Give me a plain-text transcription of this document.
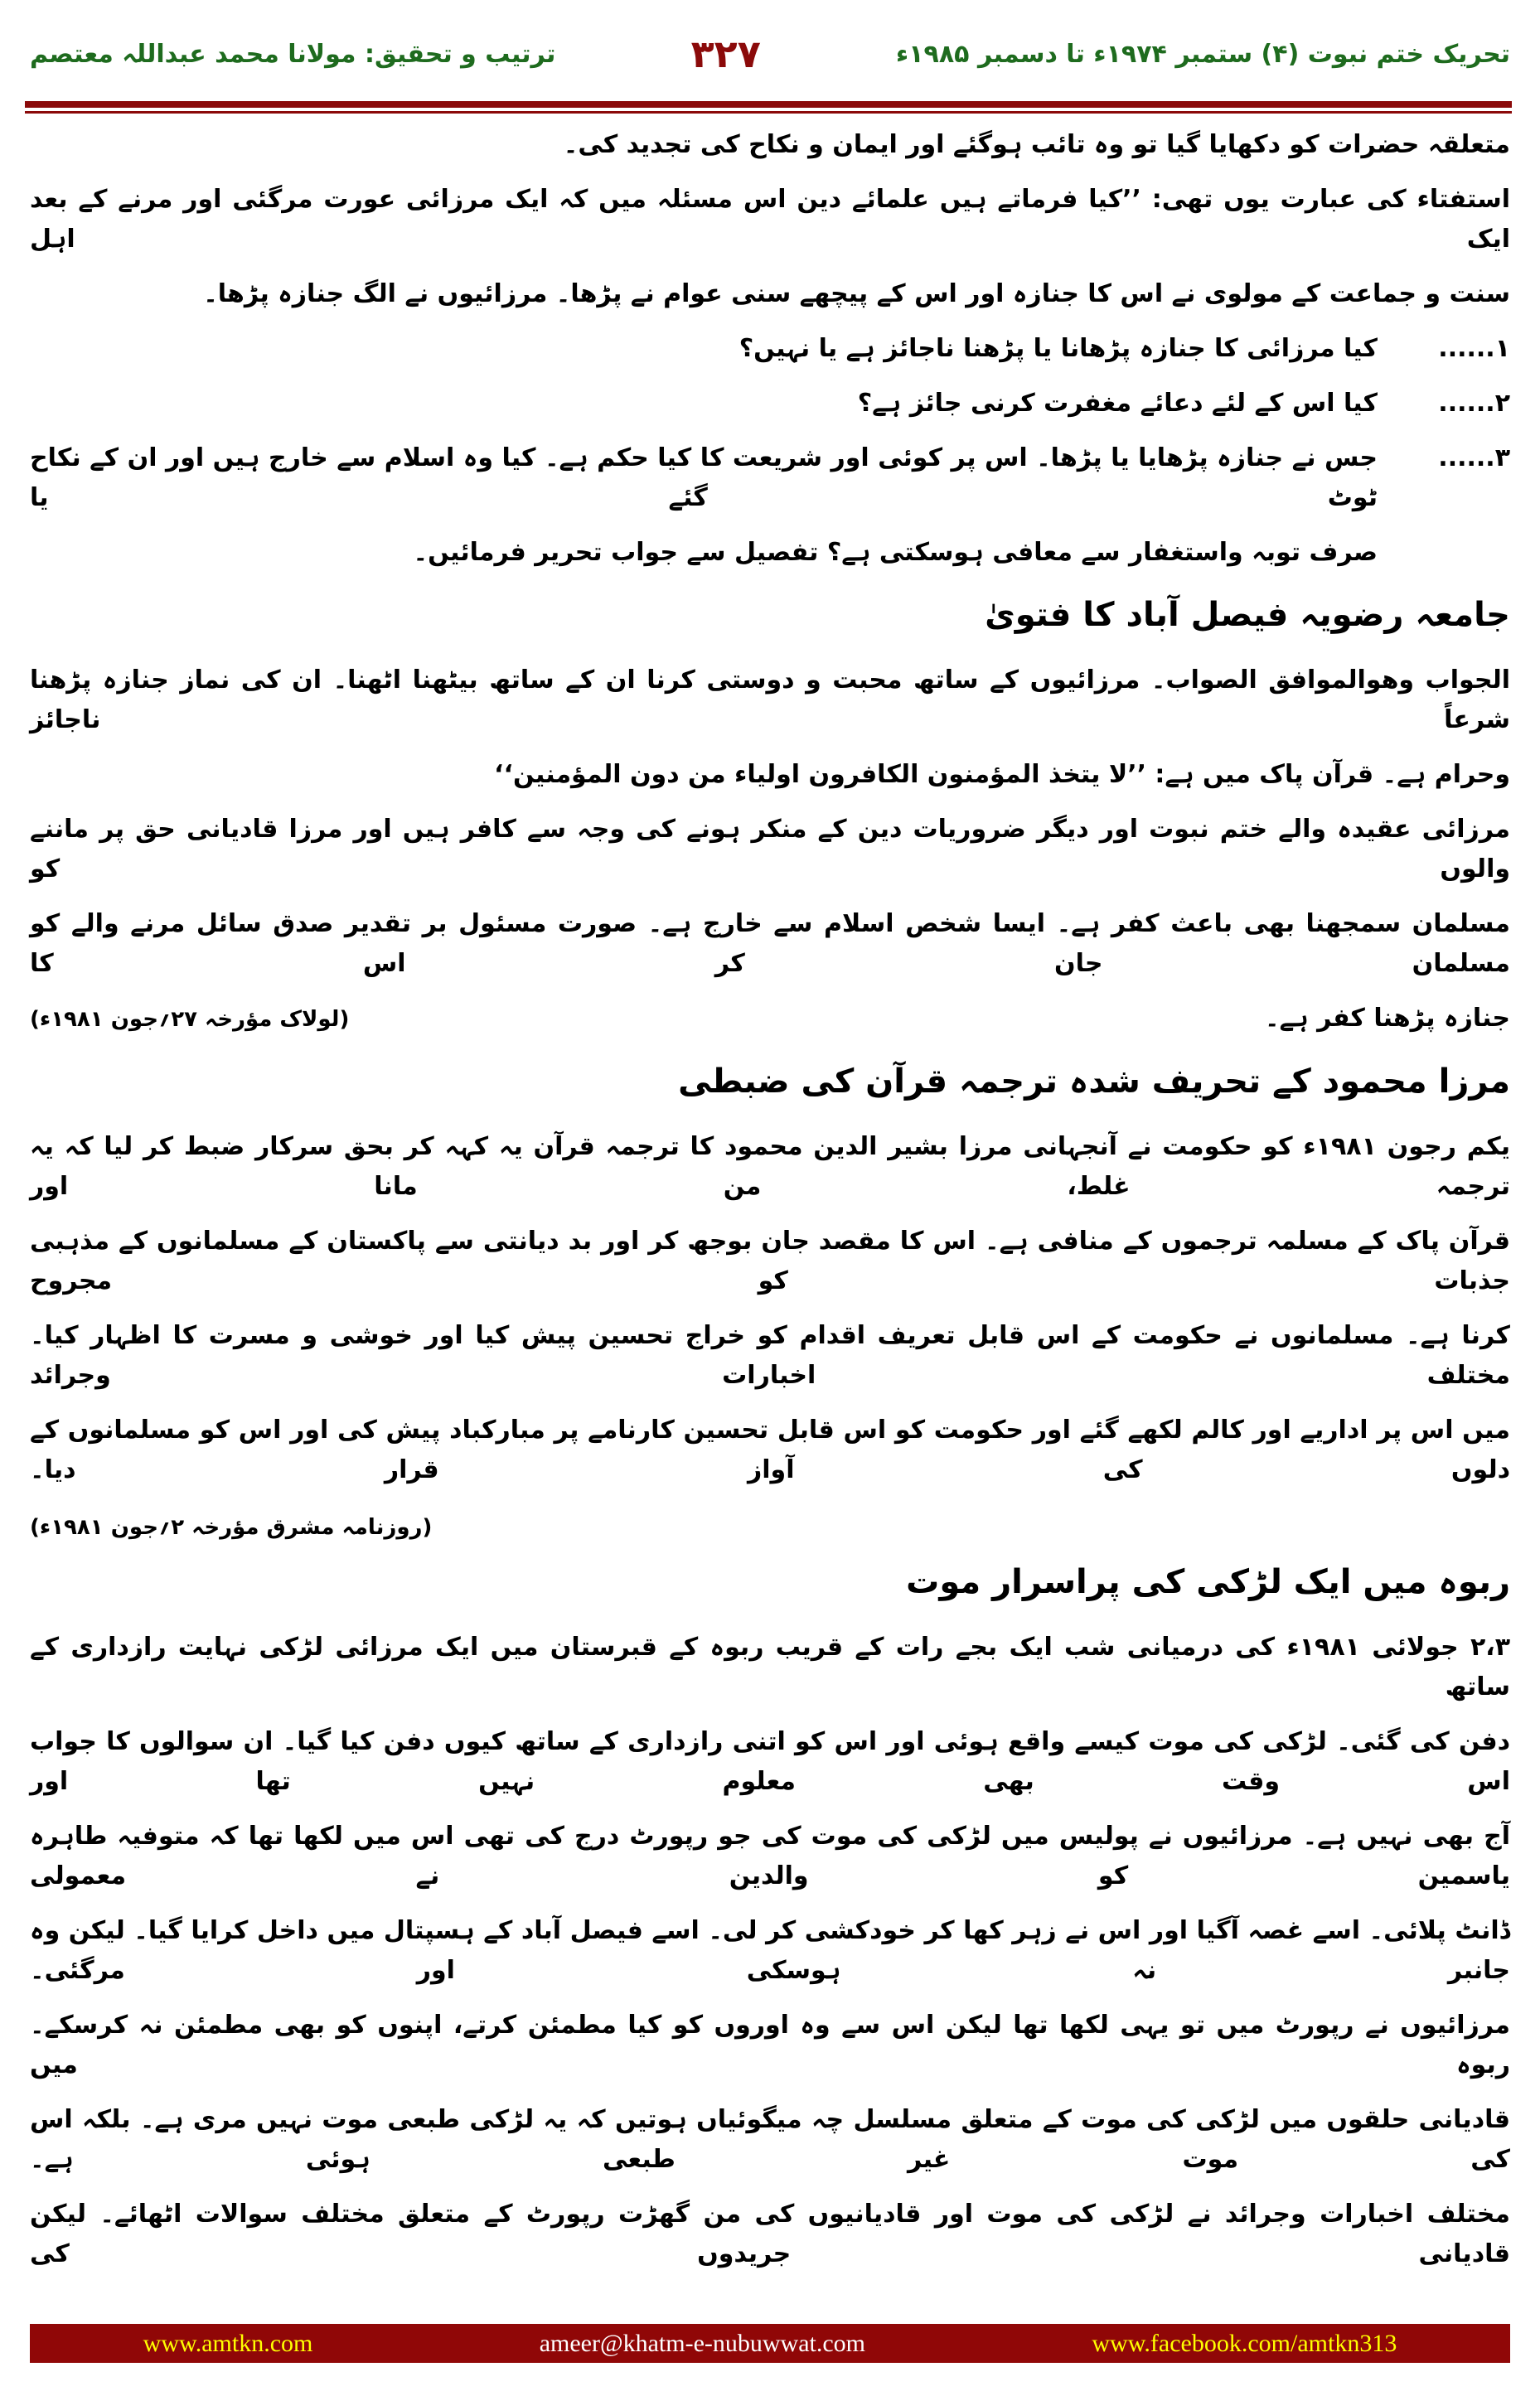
تحریک ختم نبوت (۴) ستمبر ۱۹۷۴ء تا دسمبر ۱۹۸۵ء
۳۲۷
ترتیب و تحقیق: مولانا محمد عبداللہ معتصم
متعلقہ حضرات کو دکھایا گیا تو وہ تائب ہوگئے اور ایمان و نکاح کی تجدید کی۔
استفتاء کی عبارت یوں تھی: ’’کیا فرماتے ہیں علمائے دین اس مسئلہ میں کہ ایک مرزائی عورت مرگئی اور مرنے کے بعد ایک اہل
سنت و جماعت کے مولوی نے اس کا جنازہ اور اس کے پیچھے سنی عوام نے پڑھا۔ مرزائیوں نے الگ جنازہ پڑھا۔
۱......
کیا مرزائی کا جنازہ پڑھانا یا پڑھنا ناجائز ہے یا نہیں؟
۲......
کیا اس کے لئے دعائے مغفرت کرنی جائز ہے؟
۳......
جس نے جنازہ پڑھایا یا پڑھا۔ اس پر کوئی اور شریعت کا کیا حکم ہے۔ کیا وہ اسلام سے خارج ہیں اور ان کے نکاح ٹوٹ گئے یا
صرف توبہ واستغفار سے معافی ہوسکتی ہے؟ تفصیل سے جواب تحریر فرمائیں۔
جامعہ رضویہ فیصل آباد کا فتویٰ
الجواب وھوالموافق الصواب۔ مرزائیوں کے ساتھ محبت و دوستی کرنا ان کے ساتھ بیٹھنا اٹھنا۔ ان کی نماز جنازہ پڑھنا شرعاً ناجائز
وحرام ہے۔ قرآن پاک میں ہے: ’’لا یتخذ المؤمنون الکافرون اولیاء من دون المؤمنین‘‘
مرزائی عقیدہ والے ختم نبوت اور دیگر ضروریات دین کے منکر ہونے کی وجہ سے کافر ہیں اور مرزا قادیانی حق پر ماننے والوں کو
مسلمان سمجھنا بھی باعث کفر ہے۔ ایسا شخص اسلام سے خارج ہے۔ صورت مسئول بر تقدیر صدق سائل مرنے والے کو مسلمان جان کر اس کا
جنازہ پڑھنا کفر ہے۔
(لولاک مؤرخہ ۲۷؍جون ۱۹۸۱ء)
مرزا محمود کے تحریف شدہ ترجمہ قرآن کی ضبطی
یکم رجون ۱۹۸۱ء کو حکومت نے آنجہانی مرزا بشیر الدین محمود کا ترجمہ قرآن یہ کہہ کر بحق سرکار ضبط کر لیا کہ یہ ترجمہ غلط، من مانا اور
قرآن پاک کے مسلمہ ترجموں کے منافی ہے۔ اس کا مقصد جان بوجھ کر اور بد دیانتی سے پاکستان کے مسلمانوں کے مذہبی جذبات کو مجروح
کرنا ہے۔ مسلمانوں نے حکومت کے اس قابل تعریف اقدام کو خراج تحسین پیش کیا اور خوشی و مسرت کا اظہار کیا۔ مختلف اخبارات وجرائد
میں اس پر اداریے اور کالم لکھے گئے اور حکومت کو اس قابل تحسین کارنامے پر مبارکباد پیش کی اور اس کو مسلمانوں کے دلوں کی آواز قرار دیا۔
(روزنامہ مشرق مؤرخہ ۲؍جون ۱۹۸۱ء)
ربوہ میں ایک لڑکی کی پراسرار موت
۲،۳ جولائی ۱۹۸۱ء کی درمیانی شب ایک بجے رات کے قریب ربوہ کے قبرستان میں ایک مرزائی لڑکی نہایت رازداری کے ساتھ
دفن کی گئی۔ لڑکی کی موت کیسے واقع ہوئی اور اس کو اتنی رازداری کے ساتھ کیوں دفن کیا گیا۔ ان سوالوں کا جواب اس وقت بھی معلوم نہیں تھا اور
آج بھی نہیں ہے۔ مرزائیوں نے پولیس میں لڑکی کی موت کی جو رپورٹ درج کی تھی اس میں لکھا تھا کہ متوفیہ طاہرہ یاسمین کو والدین نے معمولی
ڈانٹ پلائی۔ اسے غصہ آگیا اور اس نے زہر کھا کر خودکشی کر لی۔ اسے فیصل آباد کے ہسپتال میں داخل کرایا گیا۔ لیکن وہ جانبر نہ ہوسکی اور مرگئی۔
مرزائیوں نے رپورٹ میں تو یہی لکھا تھا لیکن اس سے وہ اوروں کو کیا مطمئن کرتے، اپنوں کو بھی مطمئن نہ کرسکے۔ ربوہ میں
قادیانی حلقوں میں لڑکی کی موت کے متعلق مسلسل چہ میگوئیاں ہوتیں کہ یہ لڑکی طبعی موت نہیں مری ہے۔ بلکہ اس کی موت غیر طبعی ہوئی ہے۔
مختلف اخبارات وجرائد نے لڑکی کی موت اور قادیانیوں کی من گھڑت رپورٹ کے متعلق مختلف سوالات اٹھائے۔ لیکن قادیانی جریدوں کی
www.amtkn.com	ameer@khatm-e-nubuwwat.com	www.facebook.com/amtkn313
